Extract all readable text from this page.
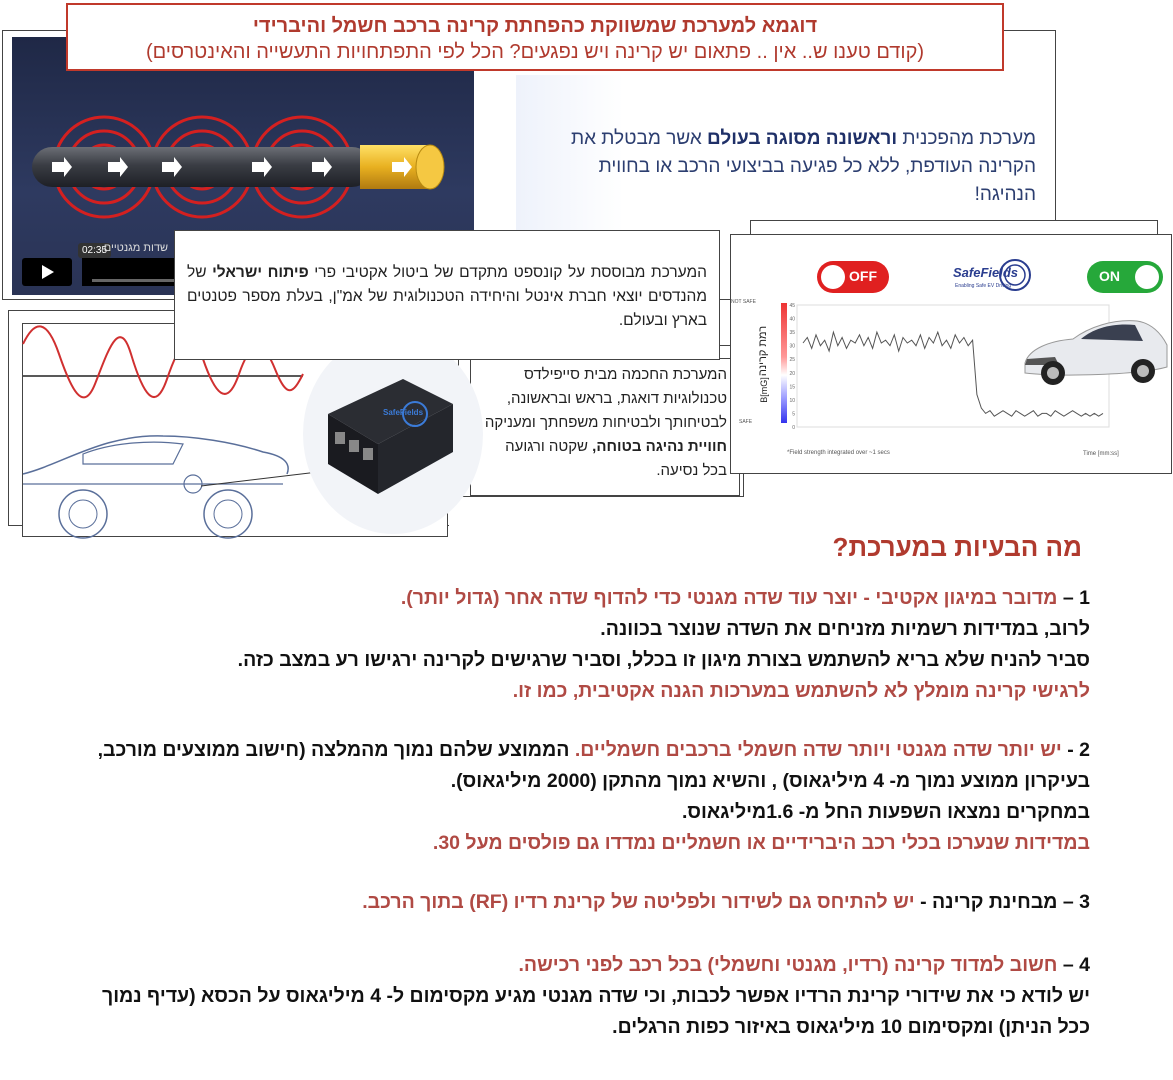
דוגמא למערכת שמשווקת כהפחתת קרינה ברכב חשמל והיברידי
(קודם טענו ש.. אין .. פתאום יש קרינה ויש נפגעים? הכל לפי התפתחויות התעשייה והאינטרסים)
02:35
שדות מגנטיים.

מערכת מהפכנית וראשונה מסוגה בעולם אשר מבטלת את הקרינה העודפת, ללא כל פגיעה בביצועי הרכב או בחווית הנהיגה!

SafeFields

המערכת החכמה מבית סייפילדס טכנולוגיות דואגת, בראש ובראשונה, לבטיחותך ולבטיחות משפחתך ומעניקה חוויית נהיגה בטוחה, שקטה ורגועה בכל נסיעה.

המערכת מבוססת על קונספט מתקדם של ביטול אקטיבי פרי פיתוח ישראלי של מהנדסים יוצאי חברת אינטל והיחידה הטכנולוגית של אמ"ן, בעלת מספר פטנטים בארץ ובעולם.

OFF	SafeFields
Enabling Safe EV Driving
ON
NOT SAFE
SAFE
רמת קרינה
B[mG]
45
40
35
30
25
20
15
10
5
0
*Field strength integrated over ~1 secs	Time [mm:ss]
מה הבעיות במערכת?
1 – מדובר במיגון אקטיבי - יוצר עוד שדה מגנטי כדי להדוף שדה אחר (גדול יותר).
לרוב, במדידות רשמיות מזניחים את השדה שנוצר בכוונה.
סביר להניח שלא בריא להשתמש בצורת מיגון זו בכלל, וסביר שרגישים לקרינה ירגישו רע במצב כזה.
לרגישי קרינה מומלץ לא להשתמש במערכות הגנה אקטיבית, כמו זו.
2 - יש יותר שדה מגנטי ויותר שדה חשמלי ברכבים חשמליים. הממוצע שלהם נמוך מהמלצה (חישוב ממוצעים מורכב, בעיקרון ממוצע נמוך מ- 4 מיליגאוס) , והשיא נמוך מהתקן (2000 מיליגאוס).
במחקרים נמצאו השפעות החל מ- 1.6מיליגאוס.
במדידות שנערכו בכלי רכב היברידיים או חשמליים נמדדו גם פולסים מעל 30.
3 – מבחינת קרינה - יש להתיחס גם לשידור ולפליטה של קרינת רדיו (RF) בתוך הרכב.
4 – חשוב למדוד קרינה (רדיו, מגנטי וחשמלי) בכל רכב לפני רכישה.
יש לודא כי את שידורי קרינת הרדיו אפשר לכבות, וכי שדה מגנטי מגיע מקסימום ל- 4 מיליגאוס על הכסא (עדיף נמוך ככל הניתן) ומקסימום 10 מיליגאוס באיזור כפות הרגלים.
